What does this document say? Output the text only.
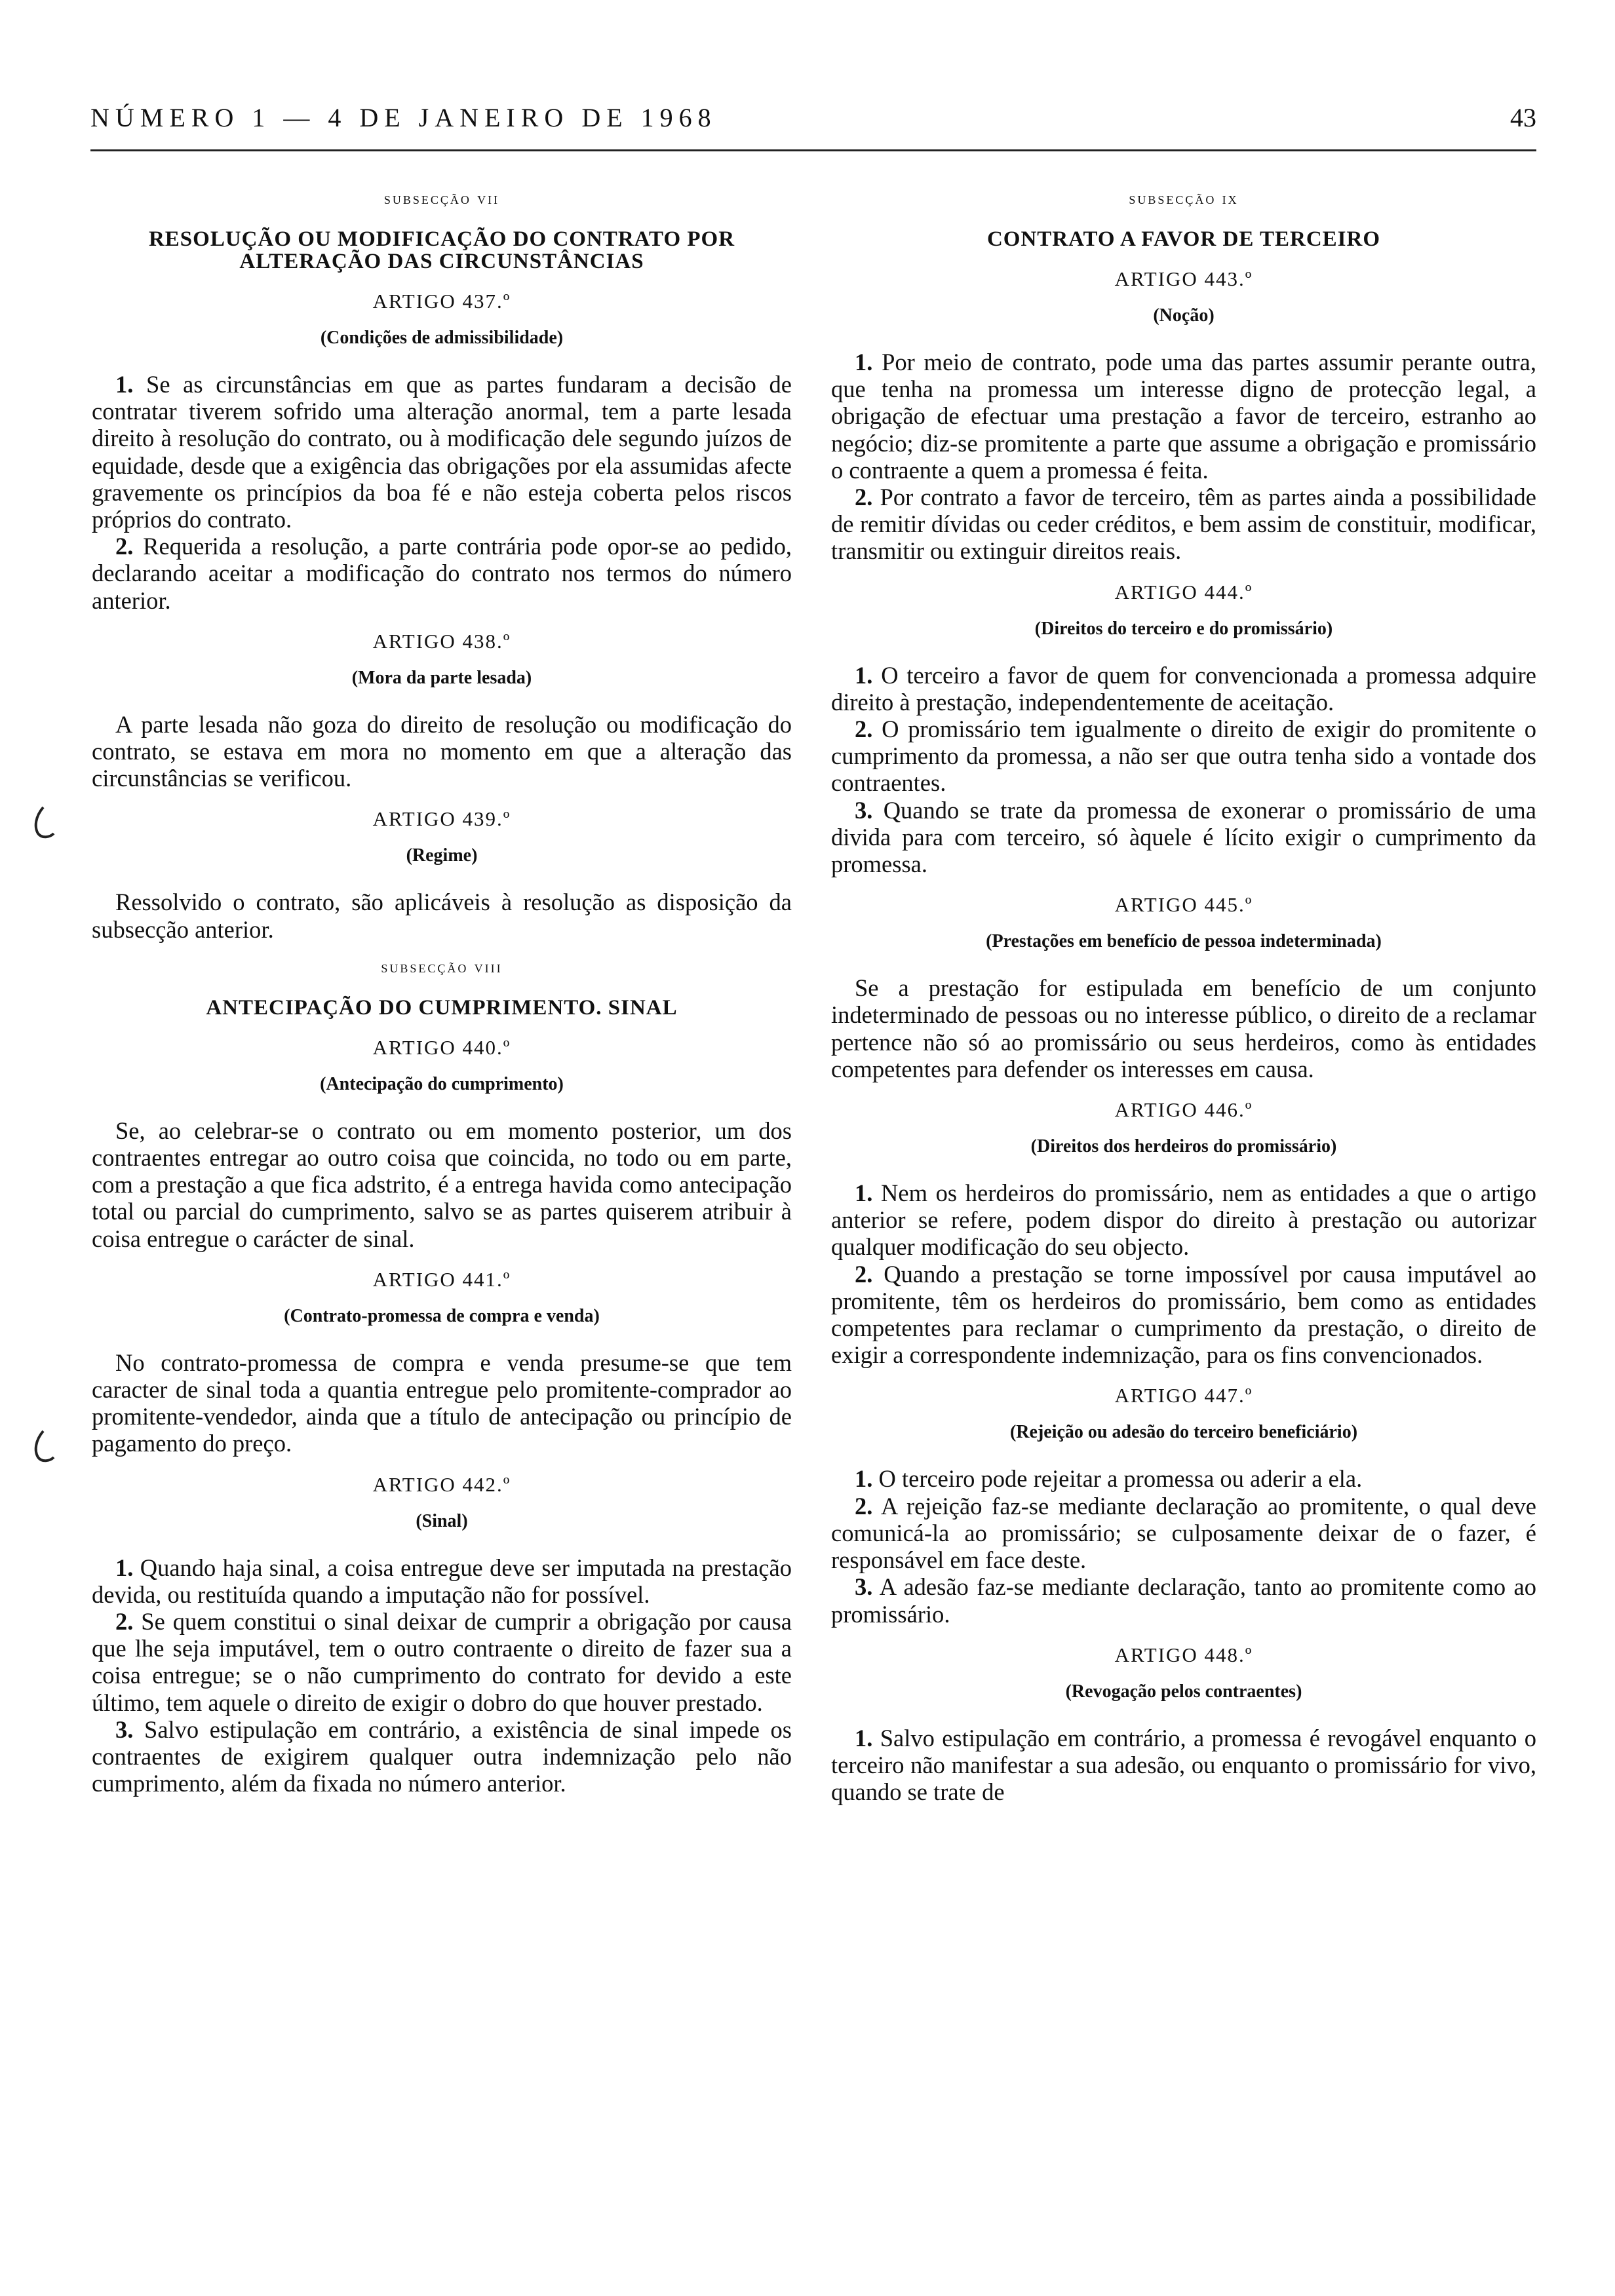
NÚMERO 1 — 4 DE JANEIRO DE 1968	43
subsecção vii
RESOLUÇÃO OU MODIFICAÇÃO DO CONTRATO POR ALTERAÇÃO DAS CIRCUNSTÂNCIAS
ARTIGO 437.º
(Condições de admissibilidade)
1. Se as circunstâncias em que as partes fundaram a decisão de contratar tiverem sofrido uma alteração anormal, tem a parte lesada direito à resolução do contrato, ou à modificação dele segundo juízos de equidade, desde que a exigência das obrigações por ela assumidas afecte gravemente os princípios da boa fé e não esteja coberta pelos riscos próprios do contrato.
2. Requerida a resolução, a parte contrária pode opor-se ao pedido, declarando aceitar a modificação do contrato nos termos do número anterior.
ARTIGO 438.º
(Mora da parte lesada)
A parte lesada não goza do direito de resolução ou modificação do contrato, se estava em mora no momento em que a alteração das circunstâncias se verificou.
ARTIGO 439.º
(Regime)
Ressolvido o contrato, são aplicáveis à resolução as disposição da subsecção anterior.
subsecção viii
ANTECIPAÇÃO DO CUMPRIMENTO. SINAL
ARTIGO 440.º
(Antecipação do cumprimento)
Se, ao celebrar-se o contrato ou em momento posterior, um dos contraentes entregar ao outro coisa que coincida, no todo ou em parte, com a prestação a que fica adstrito, é a entrega havida como antecipação total ou parcial do cumprimento, salvo se as partes quiserem atribuir à coisa entregue o carácter de sinal.
ARTIGO 441.º
(Contrato-promessa de compra e venda)
No contrato-promessa de compra e venda presume-se que tem caracter de sinal toda a quantia entregue pelo promitente-comprador ao promitente-vendedor, ainda que a título de antecipação ou princípio de pagamento do preço.
ARTIGO 442.º
(Sinal)
1. Quando haja sinal, a coisa entregue deve ser imputada na prestação devida, ou restituída quando a imputação não for possível.
2. Se quem constitui o sinal deixar de cumprir a obrigação por causa que lhe seja imputável, tem o outro contraente o direito de fazer sua a coisa entregue; se o não cumprimento do contrato for devido a este último, tem aquele o direito de exigir o dobro do que houver prestado.
3. Salvo estipulação em contrário, a existência de sinal impede os contraentes de exigirem qualquer outra indemnização pelo não cumprimento, além da fixada no número anterior.
subsecção ix
CONTRATO A FAVOR DE TERCEIRO
ARTIGO 443.º
(Noção)
1. Por meio de contrato, pode uma das partes assumir perante outra, que tenha na promessa um interesse digno de protecção legal, a obrigação de efectuar uma prestação a favor de terceiro, estranho ao negócio; diz-se promitente a parte que assume a obrigação e promissário o contraente a quem a promessa é feita.
2. Por contrato a favor de terceiro, têm as partes ainda a possibilidade de remitir dívidas ou ceder créditos, e bem assim de constituir, modificar, transmitir ou extinguir direitos reais.
ARTIGO 444.º
(Direitos do terceiro e do promissário)
1. O terceiro a favor de quem for convencionada a promessa adquire direito à prestação, independentemente de aceitação.
2. O promissário tem igualmente o direito de exigir do promitente o cumprimento da promessa, a não ser que outra tenha sido a vontade dos contraentes.
3. Quando se trate da promessa de exonerar o promissário de uma divida para com terceiro, só àquele é lícito exigir o cumprimento da promessa.
ARTIGO 445.º
(Prestações em benefício de pessoa indeterminada)
Se a prestação for estipulada em benefício de um conjunto indeterminado de pessoas ou no interesse público, o direito de a reclamar pertence não só ao promissário ou seus herdeiros, como às entidades competentes para defender os interesses em causa.
ARTIGO 446.º
(Direitos dos herdeiros do promissário)
1. Nem os herdeiros do promissário, nem as entidades a que o artigo anterior se refere, podem dispor do direito à prestação ou autorizar qualquer modificação do seu objecto.
2. Quando a prestação se torne impossível por causa imputável ao promitente, têm os herdeiros do promissário, bem como as entidades competentes para reclamar o cumprimento da prestação, o direito de exigir a correspondente indemnização, para os fins convencionados.
ARTIGO 447.º
(Rejeição ou adesão do terceiro beneficiário)
1. O terceiro pode rejeitar a promessa ou aderir a ela.
2. A rejeição faz-se mediante declaração ao promitente, o qual deve comunicá-la ao promissário; se culposamente deixar de o fazer, é responsável em face deste.
3. A adesão faz-se mediante declaração, tanto ao promitente como ao promissário.
ARTIGO 448.º
(Revogação pelos contraentes)
1. Salvo estipulação em contrário, a promessa é revogável enquanto o terceiro não manifestar a sua adesão, ou enquanto o promissário for vivo, quando se trate de
